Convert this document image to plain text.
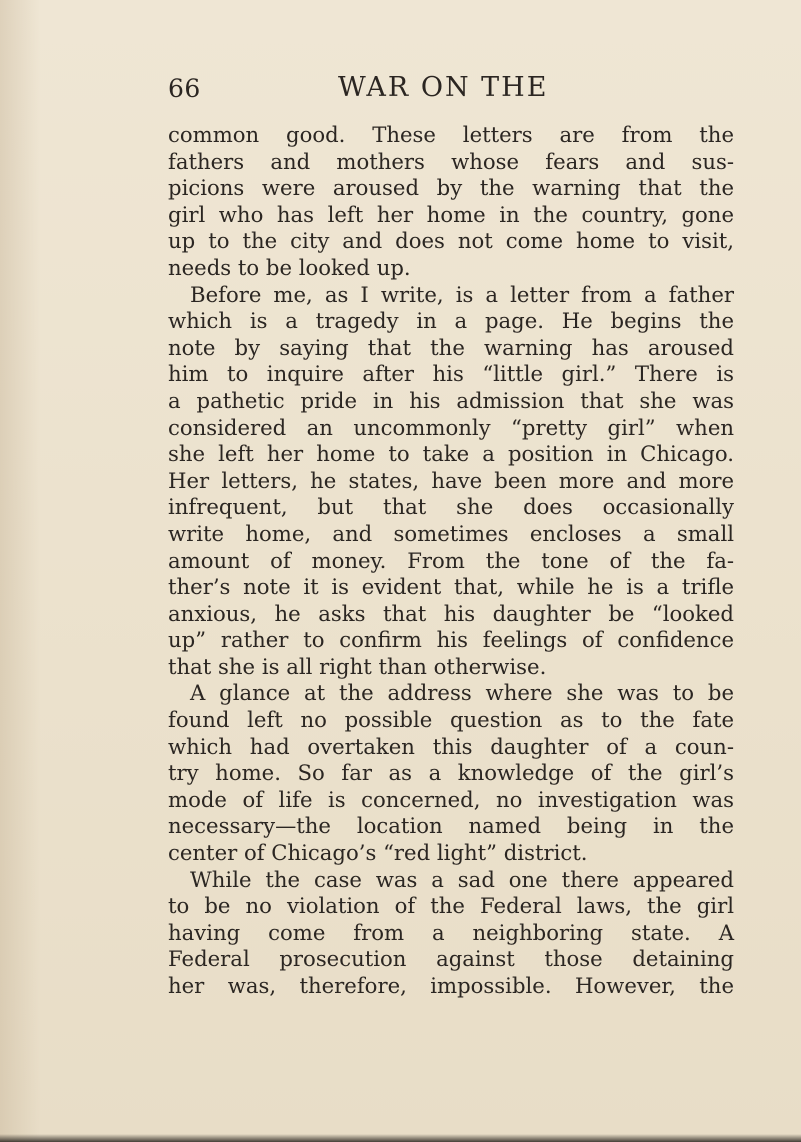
66	WAR ON THE
common good. These letters are from the
fathers and mothers whose fears and sus-
picions were aroused by the warning that the
girl who has left her home in the country, gone
up to the city and does not come home to visit,
needs to be looked up.
Before me, as I write, is a letter from a father
which is a tragedy in a page. He begins the
note by saying that the warning has aroused
him to inquire after his “little girl.” There is
a pathetic pride in his admission that she was
considered an uncommonly “pretty girl” when
she left her home to take a position in Chicago.
Her letters, he states, have been more and more
infrequent, but that she does occasionally
write home, and sometimes encloses a small
amount of money. From the tone of the fa-
ther’s note it is evident that, while he is a trifle
anxious, he asks that his daughter be “looked
up” rather to confirm his feelings of confidence
that she is all right than otherwise.
A glance at the address where she was to be
found left no possible question as to the fate
which had overtaken this daughter of a coun-
try home. So far as a knowledge of the girl’s
mode of life is concerned, no investigation was
necessary—the location named being in the
center of Chicago’s “red light” district.
While the case was a sad one there appeared
to be no violation of the Federal laws, the girl
having come from a neighboring state. A
Federal prosecution against those detaining
her was, therefore, impossible. However, the
